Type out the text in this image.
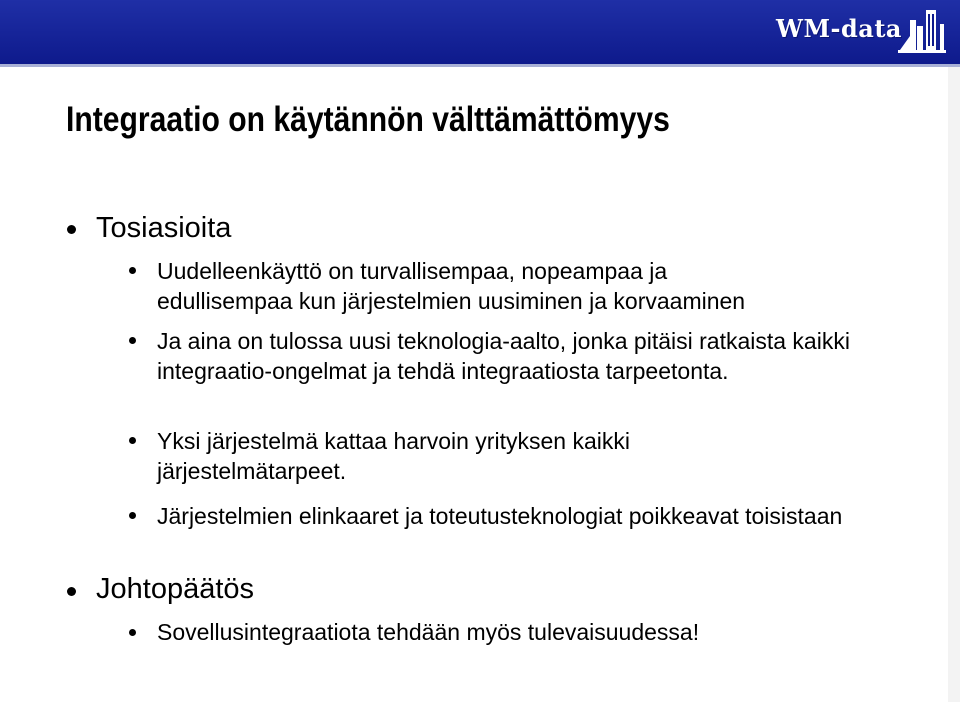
WM-data
Integraatio on käytännön välttämättömyys
Tosiasioita
Uudelleenkäyttö on turvallisempaa, nopeampaa ja edullisempaa kun järjestelmien uusiminen ja korvaaminen
Ja aina on tulossa uusi teknologia-aalto, jonka pitäisi ratkaista kaikki integraatio-ongelmat ja tehdä integraatiosta tarpeetonta.
Yksi järjestelmä kattaa harvoin yrityksen kaikki järjestelmätarpeet.
Järjestelmien elinkaaret ja toteutusteknologiat poikkeavat toisistaan
Johtopäätös
Sovellusintegraatiota tehdään myös tulevaisuudessa!
